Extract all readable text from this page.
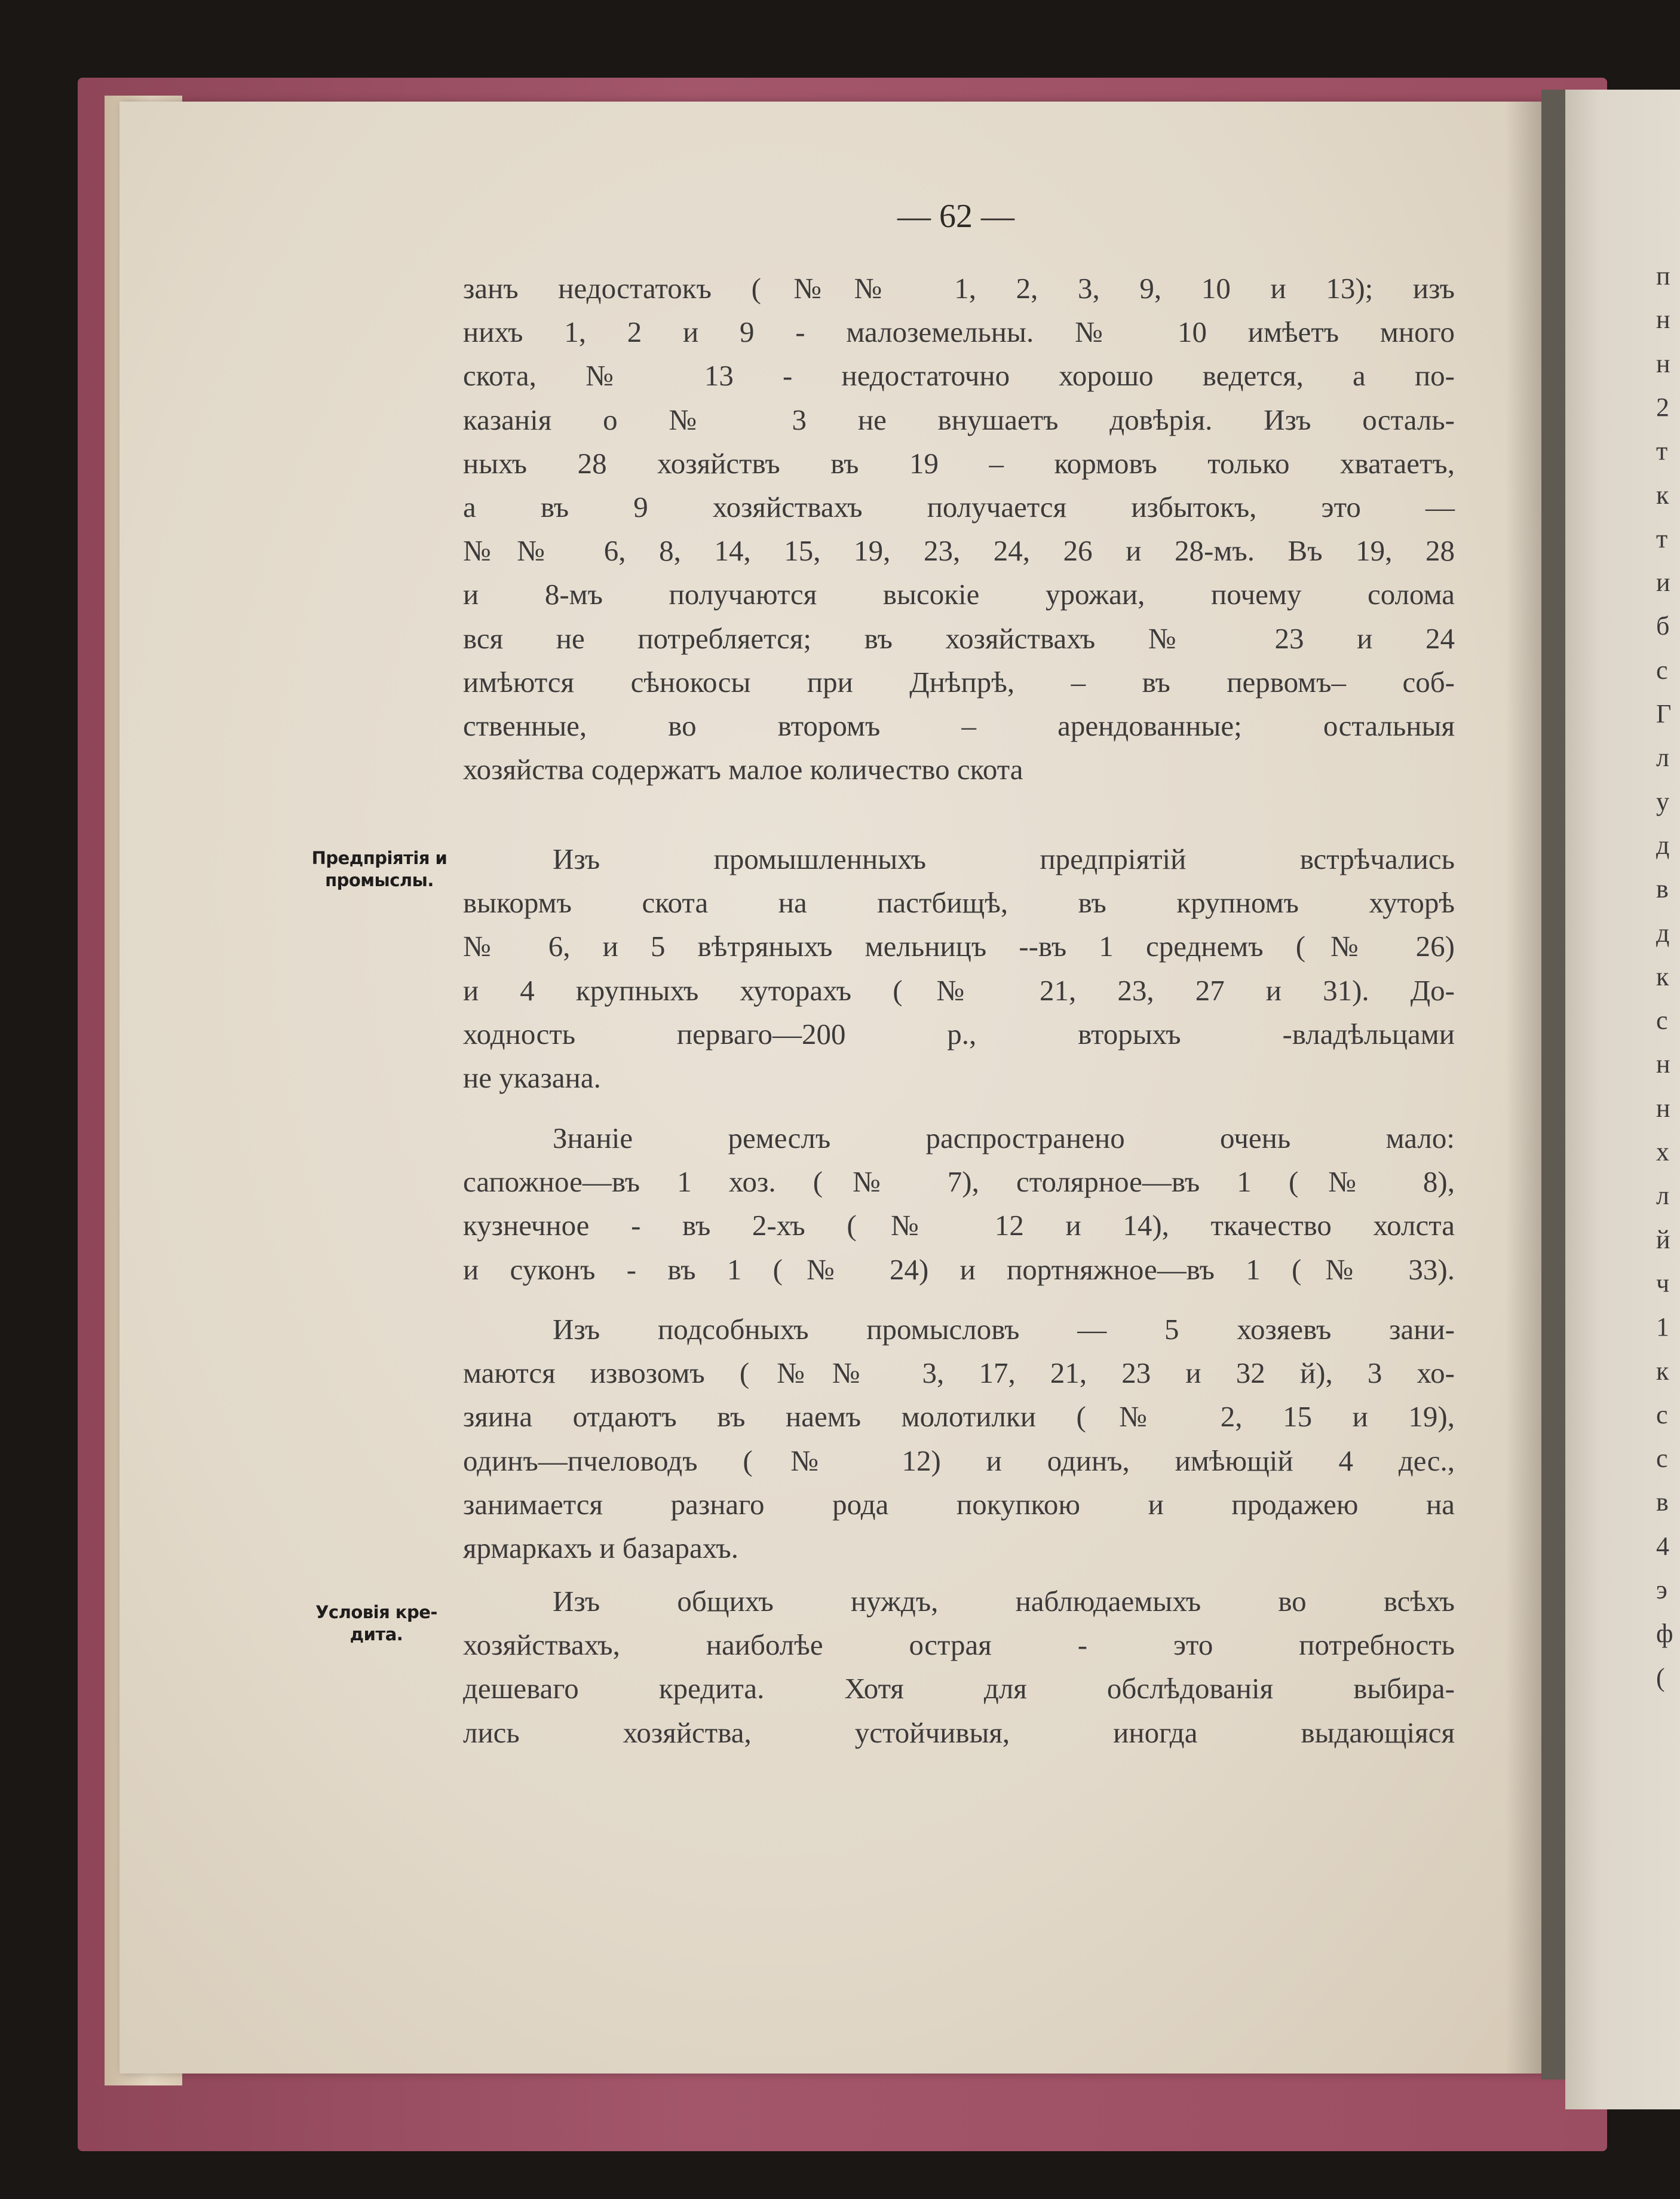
— 62 —
занъ недостатокъ (№№ 1, 2, 3, 9, 10 и 13); изъ
нихъ 1, 2 и 9 - малоземельны. № 10 имѣетъ много
скота, № 13 - недостаточно хорошо ведется, а по-
казанія о № 3 не внушаетъ довѣрія. Изъ осталь-
ныхъ 28 хозяйствъ въ 19 – кормовъ только хватаетъ,
а въ 9 хозяйствахъ получается избытокъ, это —
№№ 6, 8, 14, 15, 19, 23, 24, 26 и 28-мъ. Въ 19, 28
и 8-мъ получаются высокіе урожаи, почему солома
вся не потребляется; въ хозяйствахъ № 23 и 24
имѣются сѣнокосы при Днѣпрѣ, – въ первомъ– соб-
ственные, во второмъ – арендованные; остальныя
хозяйства содержатъ малое количество скота
Изъ промышленныхъ предпріятій встрѣчались
выкормъ скота на пастбищѣ, въ крупномъ хуторѣ
№ 6, и 5 вѣтряныхъ мельницъ --въ 1 среднемъ (№ 26)
и 4 крупныхъ хуторахъ (№ 21, 23, 27 и 31). До-
ходность перваго—200 р., вторыхъ -владѣльцами
не указана.
Знаніе ремеслъ распространено очень мало:
сапожное—въ 1 хоз. (№ 7), столярное—въ 1 (№ 8),
кузнечное - въ 2-хъ (№ 12 и 14), ткачество холста
и суконъ - въ 1 (№ 24) и портняжное—въ 1 (№ 33).
Изъ подсобныхъ промысловъ — 5 хозяевъ зани-
маются извозомъ (№№ 3, 17, 21, 23 и 32 й), 3 хо-
зяина отдаютъ въ наемъ молотилки (№ 2, 15 и 19),
одинъ—пчеловодъ (№ 12) и одинъ, имѣющій 4 дес.,
занимается разнаго рода покупкою и продажею на
ярмаркахъ и базарахъ.
Изъ общихъ нуждъ, наблюдаемыхъ во всѣхъ
хозяйствахъ, наиболѣе острая - это потребность
дешеваго кредита. Хотя для обслѣдованія выбира-
лись хозяйства, устойчивыя, иногда выдающіяся
Предпріятія и
промыслы.
Условія кре-
дита.
п
н
н
2
т
к
т
и
б
с
Г
л
у
д
в
д
к
с
н
н
х
л
й
ч
1
к
с
с
в
4
э
ф
(
